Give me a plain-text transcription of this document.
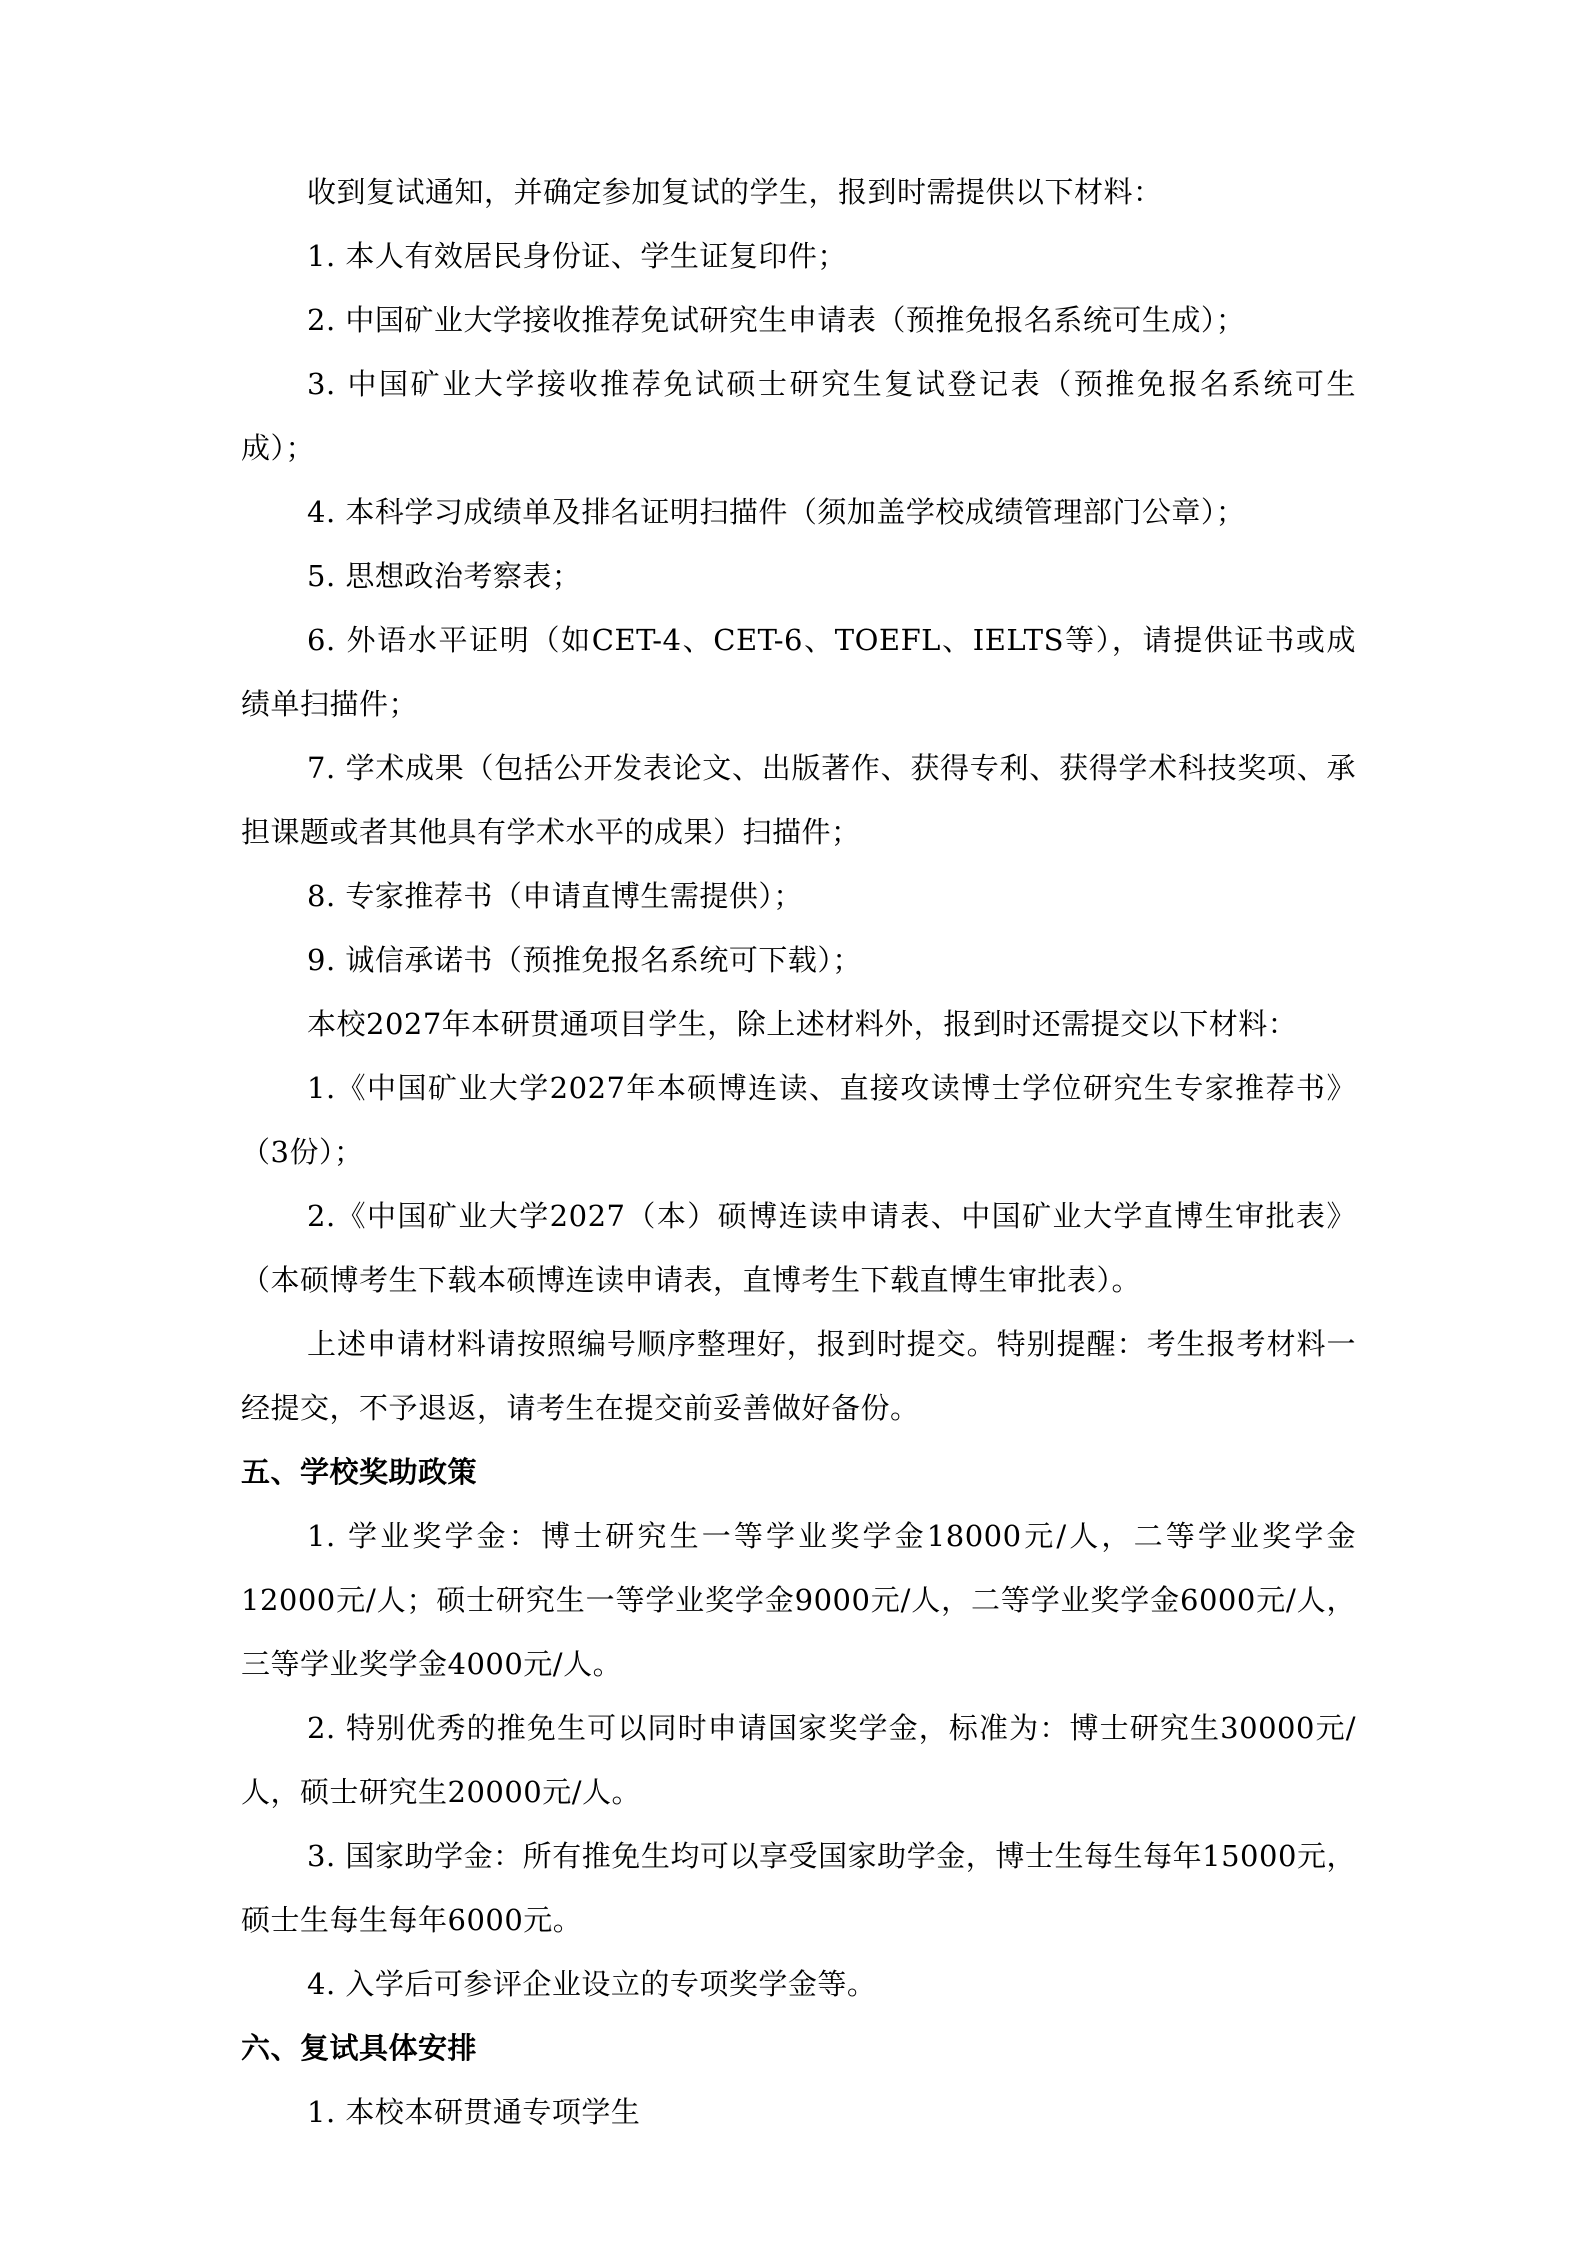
收到复试通知，并确定参加复试的学生，报到时需提供以下材料：

1. 本人有效居民身份证、学生证复印件；

2. 中国矿业大学接收推荐免试研究生申请表（预推免报名系统可生成）；

3. 中国矿业大学接收推荐免试硕士研究生复试登记表（预推免报名系统可生成）；

4. 本科学习成绩单及排名证明扫描件（须加盖学校成绩管理部门公章）；

5. 思想政治考察表；

6. 外语水平证明（如CET-4、CET-6、TOEFL、IELTS等），请提供证书或成绩单扫描件；

7. 学术成果（包括公开发表论文、出版著作、获得专利、获得学术科技奖项、承担课题或者其他具有学术水平的成果）扫描件；

8. 专家推荐书（申请直博生需提供）；

9. 诚信承诺书（预推免报名系统可下载）；

本校2027年本研贯通项目学生，除上述材料外，报到时还需提交以下材料：

1.《中国矿业大学2027年本硕博连读、直接攻读博士学位研究生专家推荐书》（3份）；

2.《中国矿业大学2027（本）硕博连读申请表、中国矿业大学直博生审批表》（本硕博考生下载本硕博连读申请表，直博考生下载直博生审批表）。

上述申请材料请按照编号顺序整理好，报到时提交。特别提醒：考生报考材料一经提交，不予退返，请考生在提交前妥善做好备份。

五、学校奖助政策

1. 学业奖学金：博士研究生一等学业奖学金18000元/人，二等学业奖学金12000元/人；硕士研究生一等学业奖学金9000元/人，二等学业奖学金6000元/人，三等学业奖学金4000元/人。

2. 特别优秀的推免生可以同时申请国家奖学金，标准为：博士研究生30000元/人，硕士研究生20000元/人。

3. 国家助学金：所有推免生均可以享受国家助学金，博士生每生每年15000元，硕士生每生每年6000元。

4. 入学后可参评企业设立的专项奖学金等。

六、复试具体安排

1. 本校本研贯通专项学生
